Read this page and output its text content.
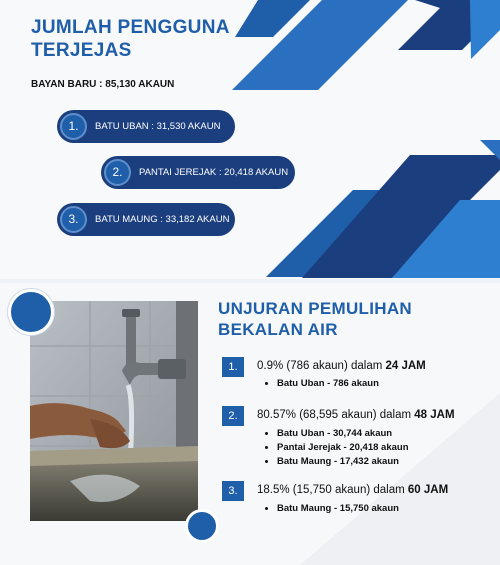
JUMLAH PENGGUNA
TERJEJAS
BAYAN BARU : 85,130 AKAUN
1.	BATU UBAN : 31,530 AKAUN
2.	PANTAI JEREJAK : 20,418 AKAUN
3.	BATU MAUNG : 33,182 AKAUN
UNJURAN PEMULIHAN
BEKALAN AIR
1.	0.9% (786 akaun) dalam 24 JAM
• Batu Uban - 786 akaun
2.	80.57% (68,595 akaun) dalam 48 JAM
• Batu Uban - 30,744 akaun
• Pantai Jerejak - 20,418 akaun
• Batu Maung - 17,432 akaun
3.	18.5% (15,750 akaun) dalam 60 JAM
• Batu Maung - 15,750 akaun
